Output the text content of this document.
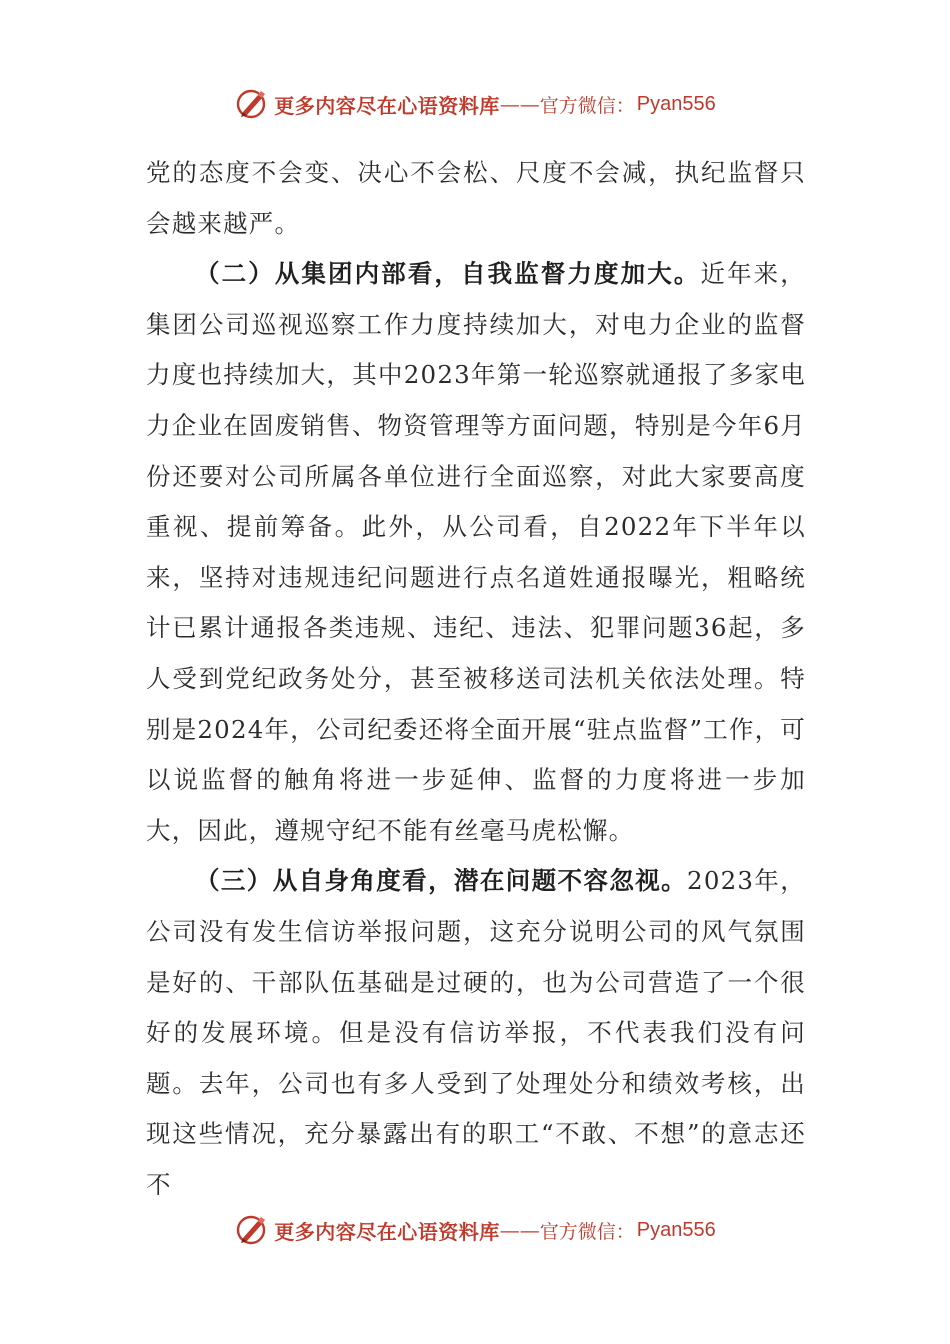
更多内容尽在心语资料库 —— 官方微信： Pyan556

党的态度不会变、决心不会松、尺度不会减，执纪监督只会越来越严。

（二）从集团内部看，自我监督力度加大。近年来，集团公司巡视巡察工作力度持续加大，对电力企业的监督力度也持续加大，其中2023年第一轮巡察就通报了多家电力企业在固废销售、物资管理等方面问题，特别是今年6月份还要对公司所属各单位进行全面巡察，对此大家要高度重视、提前筹备。此外，从公司看，自2022年下半年以来，坚持对违规违纪问题进行点名道姓通报曝光，粗略统计已累计通报各类违规、违纪、违法、犯罪问题36起，多人受到党纪政务处分，甚至被移送司法机关依法处理。特别是2024年，公司纪委还将全面开展“驻点监督”工作，可以说监督的触角将进一步延伸、监督的力度将进一步加大，因此，遵规守纪不能有丝毫马虎松懈。

（三）从自身角度看，潜在问题不容忽视。2023年，公司没有发生信访举报问题，这充分说明公司的风气氛围是好的、干部队伍基础是过硬的，也为公司营造了一个很好的发展环境。但是没有信访举报，不代表我们没有问题。去年，公司也有多人受到了处理处分和绩效考核，出现这些情况，充分暴露出有的职工“不敢、不想”的意志还不

更多内容尽在心语资料库 —— 官方微信： Pyan556
